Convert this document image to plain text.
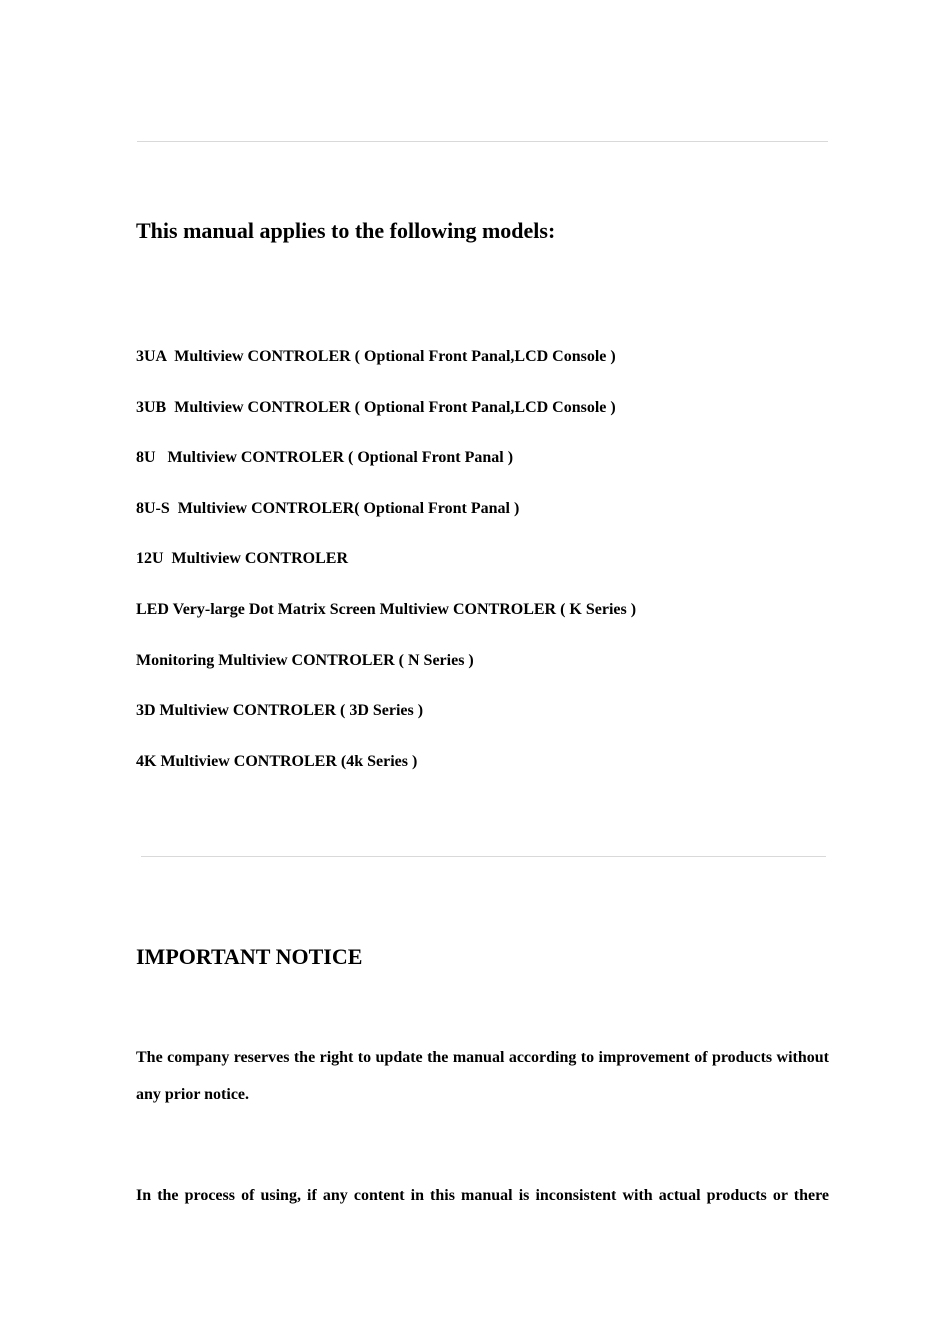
This manual applies to the following models:
3UA  Multiview CONTROLER ( Optional Front Panal,LCD Console )
3UB  Multiview CONTROLER ( Optional Front Panal,LCD Console )
8U   Multiview CONTROLER ( Optional Front Panal )
8U-S  Multiview CONTROLER( Optional Front Panal )
12U  Multiview CONTROLER
LED Very-large Dot Matrix Screen Multiview CONTROLER ( K Series )
Monitoring Multiview CONTROLER ( N Series )
3D Multiview CONTROLER ( 3D Series )
4K Multiview CONTROLER (4k Series )
IMPORTANT NOTICE

The company reserves the right to update the manual according to improvement of products without any prior notice.

In the process of using, if any content in this manual is inconsistent with actual products or there
